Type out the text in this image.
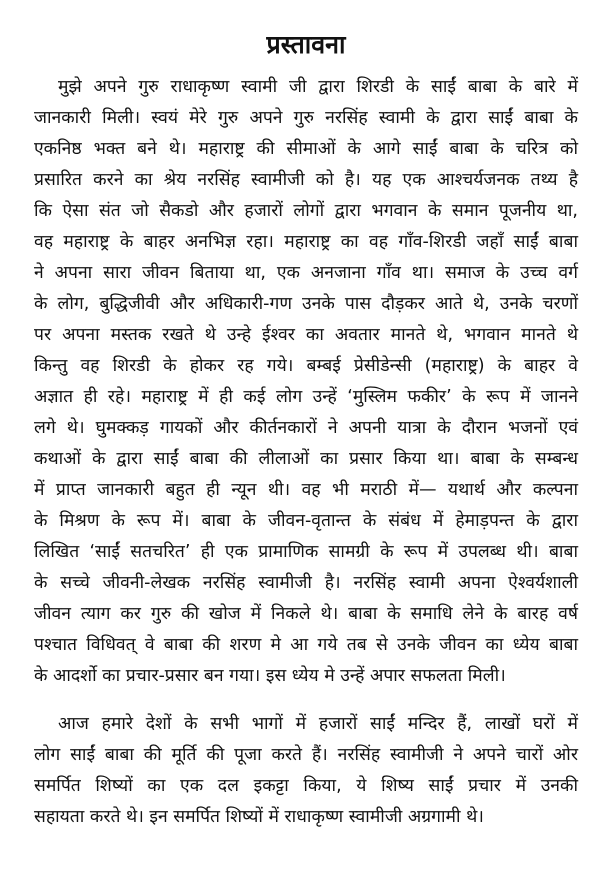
प्रस्तावना
मुझे अपने गुरु राधाकृष्ण स्वामी जी द्वारा शिरडी के साईं बाबा के बारे में
जानकारी मिली। स्वयं मेरे गुरु अपने गुरु नरसिंह स्वामी के द्वारा साईं बाबा के
एकनिष्ठ भक्त बने थे। महाराष्ट्र की सीमाओं के आगे साईं बाबा के चरित्र को
प्रसारित करने का श्रेय नरसिंह स्वामीजी को है। यह एक आश्चर्यजनक तथ्य है
कि ऐसा संत जो सैकडो और हजारों लोगों द्वारा भगवान के समान पूजनीय था,
वह महाराष्ट्र के बाहर अनभिज्ञ रहा। महाराष्ट्र का वह गाँव-शिरडी जहाँ साईं बाबा
ने अपना सारा जीवन बिताया था, एक अनजाना गाँव था। समाज के उच्च वर्ग
के लोग, बुद्धिजीवी और अधिकारी-गण उनके पास दौड़कर आते थे, उनके चरणों
पर अपना मस्तक रखते थे उन्हे ईश्वर का अवतार मानते थे, भगवान मानते थे
किन्तु वह शिरडी के होकर रह गये। बम्बई प्रेसीडेन्सी (महाराष्ट्र) के बाहर वे
अज्ञात ही रहे। महाराष्ट्र में ही कई लोग उन्हें ‘मुस्लिम फकीर’ के रूप में जानने
लगे थे। घुमक्कड़ गायकों और कीर्तनकारों ने अपनी यात्रा के दौरान भजनों एवं
कथाओं के द्वारा साईं बाबा की लीलाओं का प्रसार किया था। बाबा के सम्बन्ध
में प्राप्त जानकारी बहुत ही न्यून थी। वह भी मराठी में— यथार्थ और कल्पना
के मिश्रण के रूप में। बाबा के जीवन-वृतान्त के संबंध में हेमाड़पन्त के द्वारा
लिखित ‘साईं सतचरित’ ही एक प्रामाणिक सामग्री के रूप में उपलब्ध थी। बाबा
के सच्चे जीवनी-लेखक नरसिंह स्वामीजी है। नरसिंह स्वामी अपना ऐश्वर्यशाली
जीवन त्याग कर गुरु की खोज में निकले थे। बाबा के समाधि लेने के बारह वर्ष
पश्चात विधिवत् वे बाबा की शरण मे आ गये तब से उनके जीवन का ध्येय बाबा
के आदर्शो का प्रचार-प्रसार बन गया। इस ध्येय मे उन्हें अपार सफलता मिली।
आज हमारे देशों के सभी भागों में हजारों साईं मन्दिर हैं, लाखों घरों में
लोग साईं बाबा की मूर्ति की पूजा करते हैं। नरसिंह स्वामीजी ने अपने चारों ओर
समर्पित शिष्यों का एक दल इकट्टा किया, ये शिष्य साईं प्रचार में उनकी
सहायता करते थे। इन समर्पित शिष्यों में राधाकृष्ण स्वामीजी अग्रगामी थे।
